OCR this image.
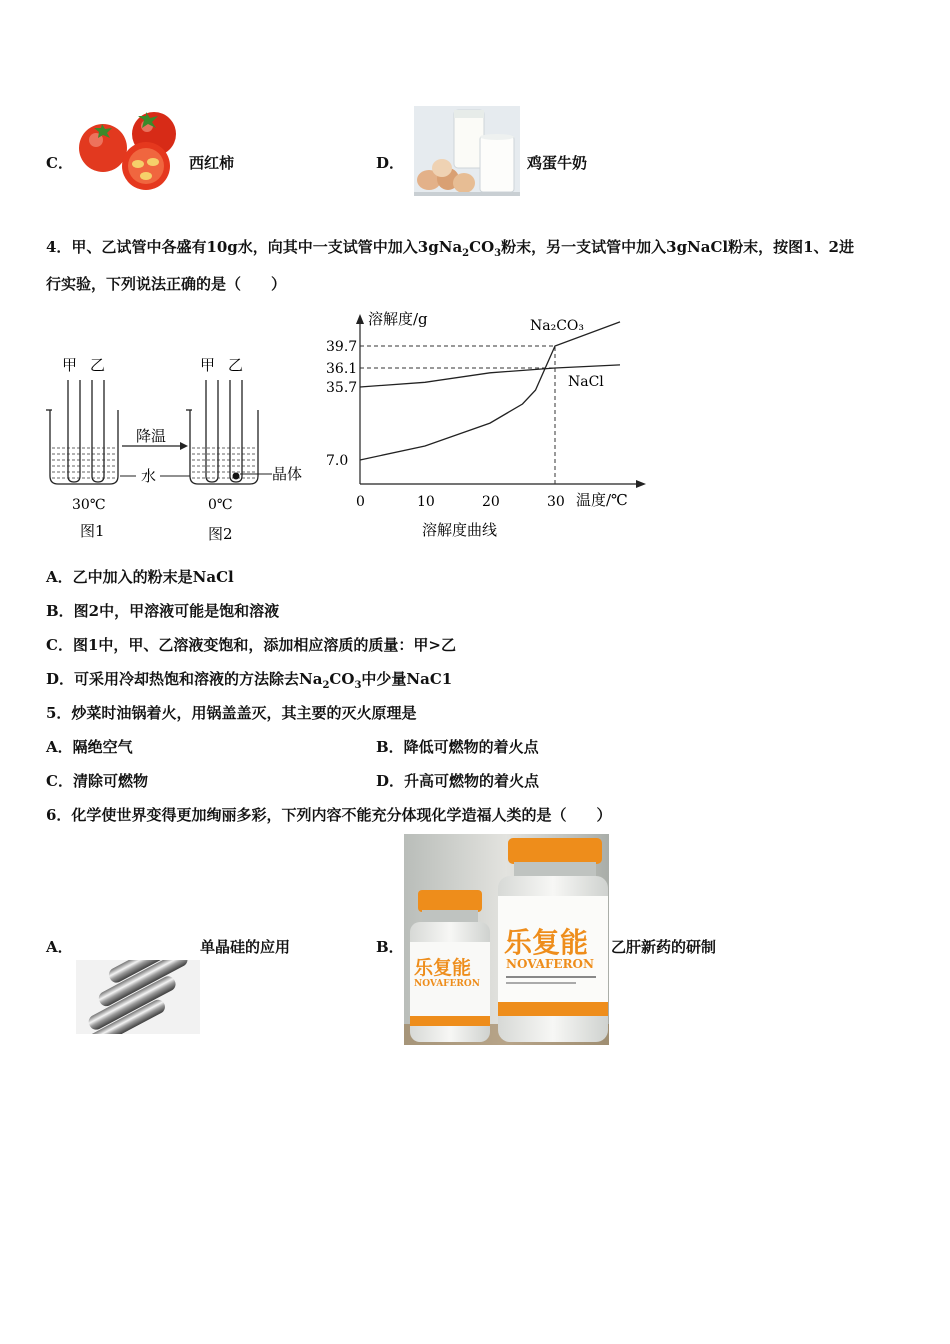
C．	西红柿	D．	鸡蛋牛奶
4．甲、乙试管中各盛有10g水，向其中一支试管中加入$3gNa_2CO_3$粉末，另一支试管中加入3gNaCl粉末，按图1、2进
行实验，下列说法正确的是（　　）
甲 乙	甲 乙
降温
水	晶体
30℃	0℃
图1	图2
溶解度/g
温度/℃
溶解度曲线
0	10	20	30
7.0
35.7
36.1
39.7
Na₂CO₃
NaCl
A．乙中加入的粉末是NaCl
B．图2中，甲溶液可能是饱和溶液
C．图1中，甲、乙溶液变饱和，添加相应溶质的质量：甲>乙
D．可采用冷却热饱和溶液的方法除去$Na_2CO_3$中少量NaC1
5．炒菜时油锅着火，用锅盖盖灭，其主要的灭火原理是
A．隔绝空气	B．降低可燃物的着火点
C．清除可燃物	D．升高可燃物的着火点
6．化学使世界变得更加绚丽多彩，下列内容不能充分体现化学造福人类的是（　　）
A．	单晶硅的应用	B．
乐复能
NOVAFERON
乐复能
NOVAFERON
乙肝新药的研制
